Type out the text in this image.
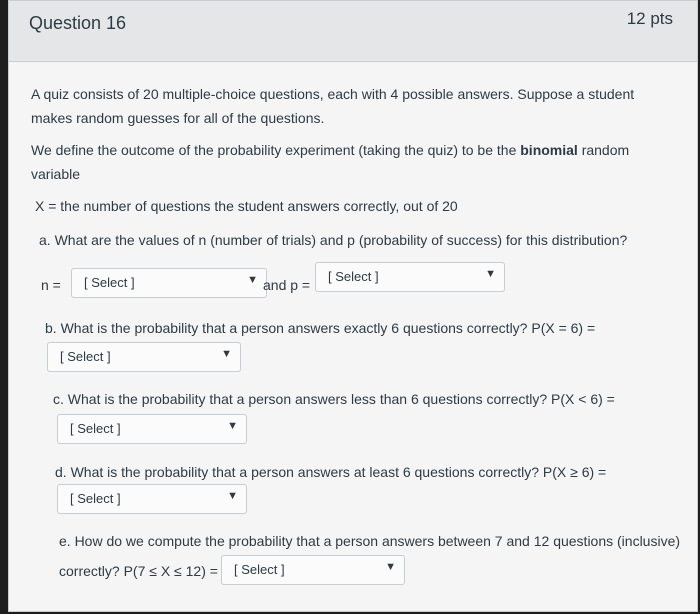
Question 16	12 pts
A quiz consists of 20 multiple-choice questions, each with 4 possible answers. Suppose a student
makes random guesses for all of the questions.
We define the outcome of the probability experiment (taking the quiz) to be the binomial random
variable
X = the number of questions the student answers correctly, out of 20
a. What are the values of n (number of trials) and p (probability of success) for this distribution?
n = [ Select ]	▼ and p =
[ Select ]	▼
b. What is the probability that a person answers exactly 6 questions correctly? P(X = 6) =
[ Select ]	▼
c. What is the probability that a person answers less than 6 questions correctly? P(X < 6) =
[ Select ]	▼
d. What is the probability that a person answers at least 6 questions correctly? P(X ≥ 6) =
[ Select ]	▼
e. How do we compute the probability that a person answers between 7 and 12 questions (inclusive)
correctly? P(7 ≤ X ≤ 12) = [ Select ]	▼
